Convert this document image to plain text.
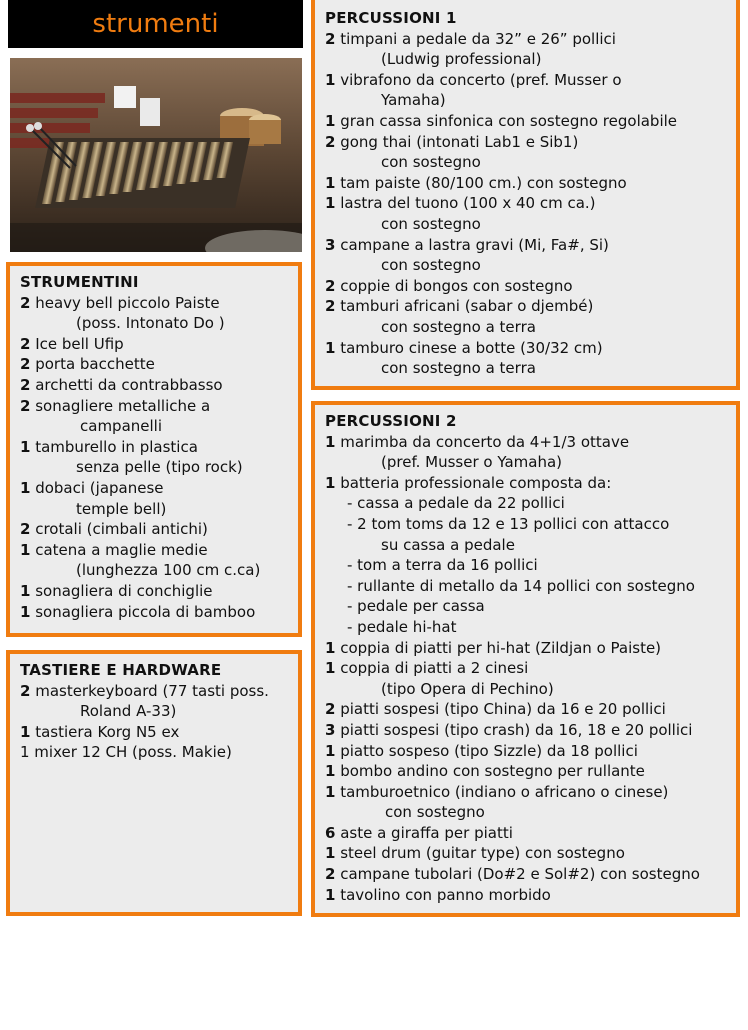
strumenti	PERCUSSIONI 1
2 timpani a pedale da 32” e 26” pollici
(Ludwig professional)
1 vibrafono da concerto (pref. Musser o
Yamaha)
1 gran cassa sinfonica con sostegno regolabile
2 gong thai (intonati Lab1 e Sib1)
con sostegno
1 tam paiste (80/100 cm.) con sostegno
1 lastra del tuono (100 x 40 cm ca.)
con sostegno
3 campane a lastra gravi (Mi, Fa#, Si)
con sostegno
2 coppie di bongos con sostegno
2 tamburi africani (sabar o djembé)
con sostegno a terra
1 tamburo cinese a botte (30/32 cm)
con sostegno a terra
STRUMENTINI
2 heavy bell piccolo Paiste
(poss. Intonato Do )
2 Ice bell Ufip
2 porta bacchette
2 archetti da contrabbasso
2 sonagliere metalliche a
campanelli
1 tamburello in plastica
senza pelle (tipo rock)
1 dobaci (japanese
temple bell)
2 crotali (cimbali antichi)
1 catena a maglie medie
(lunghezza 100 cm c.ca)
1 sonagliera di conchiglie
1 sonagliera piccola di bamboo
TASTIERE E HARDWARE
2 masterkeyboard (77 tasti poss.
Roland A-33)
1 tastiera Korg N5 ex
1 mixer 12 CH (poss. Makie)
PERCUSSIONI 2
1 marimba da concerto da 4+1/3 ottave
(pref. Musser o Yamaha)
1 batteria professionale composta da:
- cassa a pedale da 22 pollici
- 2 tom toms da 12 e 13 pollici con attacco
su cassa a pedale
- tom a terra da 16 pollici
- rullante di metallo da 14 pollici con sostegno
- pedale per cassa
- pedale hi-hat
1 coppia di piatti per hi-hat (Zildjan o Paiste)
1 coppia di piatti a 2 cinesi
(tipo Opera di Pechino)
2 piatti sospesi (tipo China) da 16 e 20 pollici
3 piatti sospesi (tipo crash) da 16, 18 e 20 pollici
1 piatto sospeso (tipo Sizzle) da 18 pollici
1 bombo andino con sostegno per rullante
1 tamburoetnico (indiano o africano o cinese)
con sostegno
6 aste a giraffa per piatti
1 steel drum (guitar type) con sostegno
2 campane tubolari (Do#2 e Sol#2) con sostegno
1 tavolino con panno morbido
